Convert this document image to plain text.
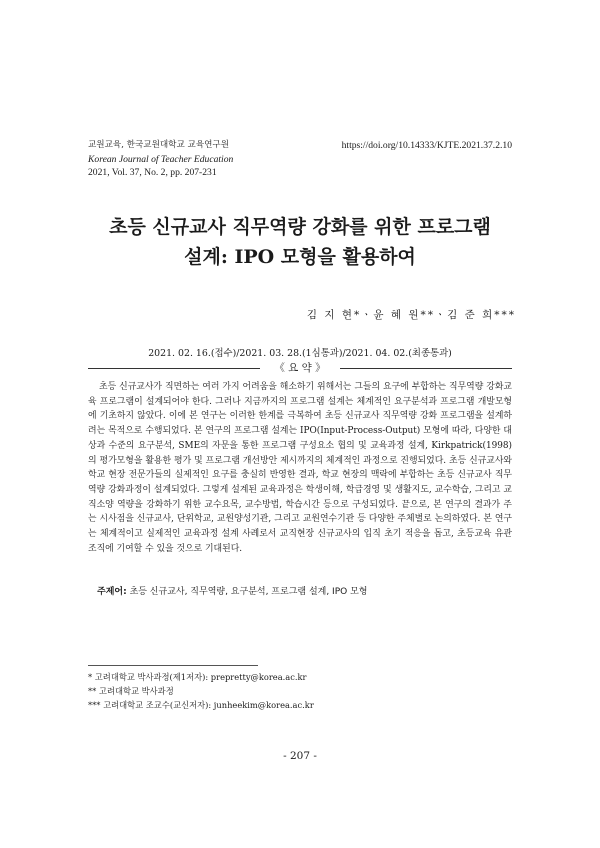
교원교육, 한국교원대학교 교육연구원	https://doi.org/10.14333/KJTE.2021.37.2.10
Korean Journal of Teacher Education
2021, Vol. 37, No. 2, pp. 207-231
초등 신규교사 직무역량 강화를 위한 프로그램
설계: IPO 모형을 활용하여
김 지 현*ㆍ윤 혜 원**ㆍ김 준 희***
2021. 02. 16.(접수)/2021. 03. 28.(1심통과)/2021. 04. 02.(최종통과)
《 요 약 》
초등 신규교사가 직면하는 여러 가지 어려움을 해소하기 위해서는 그들의 요구에 부합하는 직무역량 강화교육 프로그램이 설계되어야 한다. 그러나 지금까지의 프로그램 설계는 체계적인 요구분석과 프로그램 개발모형에 기초하지 않았다. 이에 본 연구는 이러한 한계를 극복하여 초등 신규교사 직무역량 강화 프로그램을 설계하려는 목적으로 수행되었다. 본 연구의 프로그램 설계는 IPO(Input-Process-Output) 모형에 따라, 다양한 대상과 수준의 요구분석, SME의 자문을 통한 프로그램 구성요소 협의 및 교육과정 설계, Kirkpatrick(1998)의 평가모형을 활용한 평가 및 프로그램 개선방안 제시까지의 체계적인 과정으로 진행되었다. 초등 신규교사와 학교 현장 전문가들의 실제적인 요구를 충실히 반영한 결과, 학교 현장의 맥락에 부합하는 초등 신규교사 직무역량 강화과정이 설계되었다. 그렇게 설계된 교육과정은 학생이해, 학급경영 및 생활지도, 교수학습, 그리고 교직소양 역량을 강화하기 위한 교수요목, 교수방법, 학습시간 등으로 구성되었다. 끝으로, 본 연구의 결과가 주는 시사점을 신규교사, 단위학교, 교원양성기관, 그리고 교원연수기관 등 다양한 주체별로 논의하였다. 본 연구는 체계적이고 실제적인 교육과정 설계 사례로서 교직현장 신규교사의 입직 초기 적응을 돕고, 초등교육 유관 조직에 기여할 수 있을 것으로 기대된다.
주제어: 초등 신규교사, 직무역량, 요구분석, 프로그램 설계, IPO 모형
* 고려대학교 박사과정(제1저자): prepretty@korea.ac.kr
** 고려대학교 박사과정
*** 고려대학교 조교수(교신저자): junheekim@korea.ac.kr
- 207 -
